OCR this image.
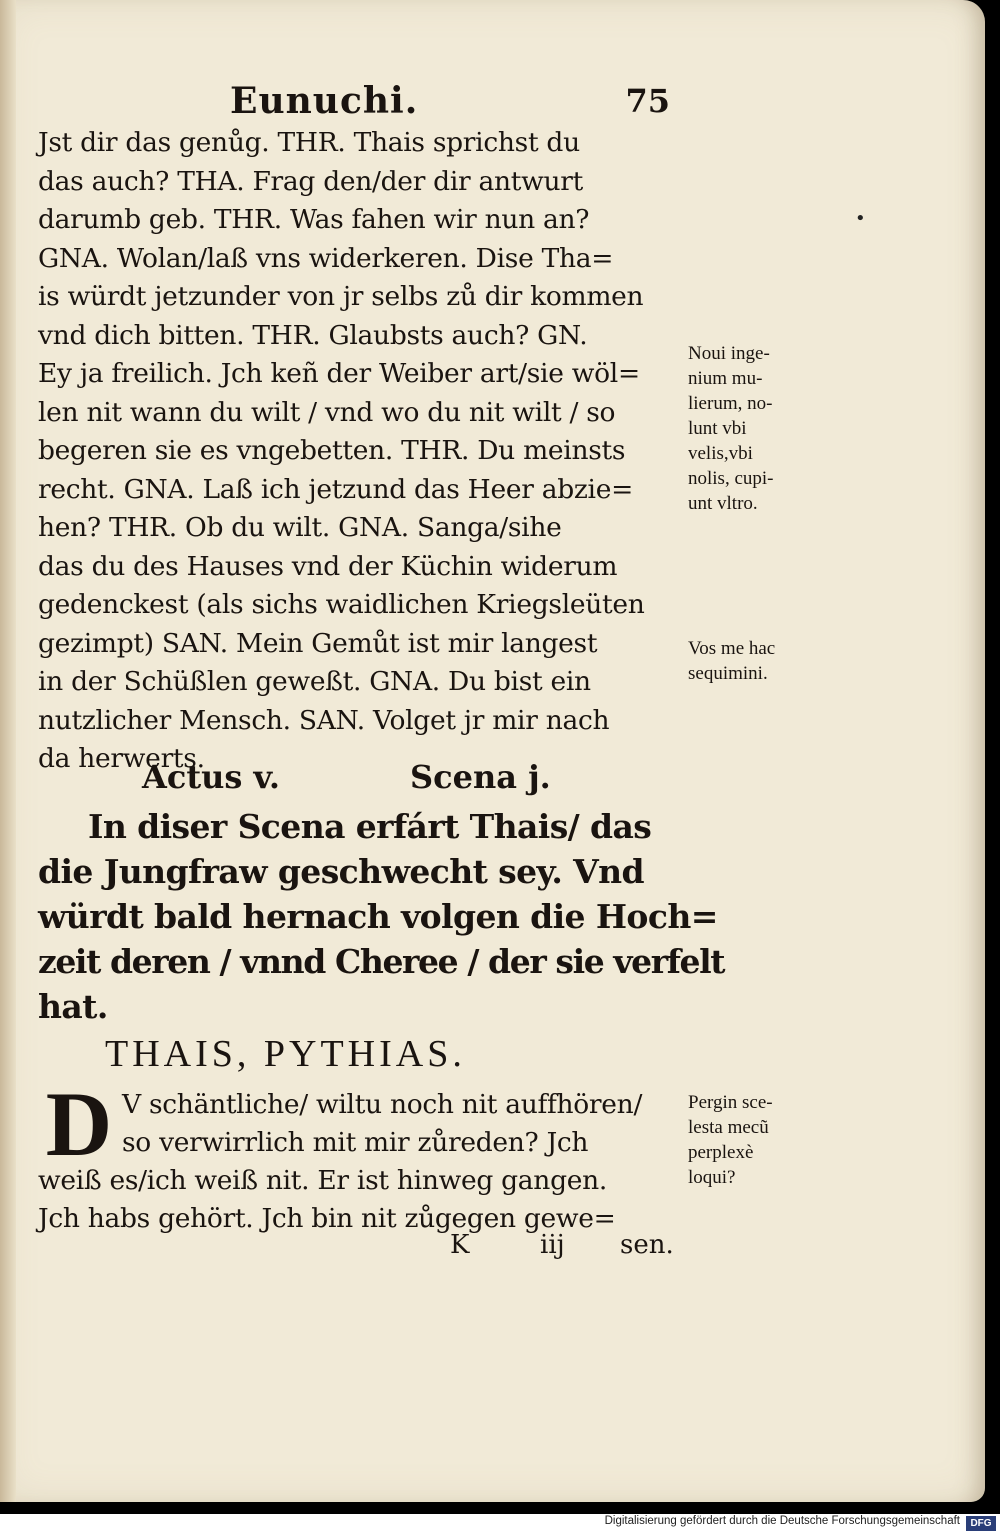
Eunuchi.	75
•
Jst dir das genůg. THR. Thais sprichst du
das auch? THA. Frag den/der dir antwurt
darumb geb. THR. Was fahen wir nun an?
GNA. Wolan/laß vns widerkeren. Dise Tha=
is würdt jetzunder von jr selbs zů dir kommen
vnd dich bitten. THR. Glaubsts auch? GN.
Ey ja freilich. Jch keñ der Weiber art/sie wöl=
len nit wann du wilt / vnd wo du nit wilt / so
begeren sie es vngebetten. THR. Du meinsts
recht. GNA. Laß ich jetzund das Heer abzie=
hen? THR. Ob du wilt. GNA. Sanga/sihe
das du des Hauses vnd der Küchin widerum
gedenckest (als sichs waidlichen Kriegsleüten
gezimpt) SAN. Mein Gemůt ist mir langest
in der Schüßlen geweßt. GNA. Du bist ein
nutzlicher Mensch. SAN. Volget jr mir nach
da herwerts.
Noui inge-
nium mu-
lierum, no-
lunt vbi
velis,vbi
nolis, cupi-
unt vltro.
Vos me hac
sequimini.
Actus v.	Scena j.
In diser Scena erfárt Thais/ das
die Jungfraw geschwecht sey. Vnd
würdt bald hernach volgen die Hoch=
zeit deren / vnnd Cheree / der sie verfelt
hat.
THAIS, PYTHIAS.
D V schäntliche/ wiltu noch nit auffhören/
so verwirrlich mit mir zůreden? Jch
weiß es/ich weiß nit. Er ist hinweg gangen.
Jch habs gehört. Jch bin nit zůgegen gewe=
Pergin sce-
lesta mecũ
perplexè
loqui?
K	iij sen.
Digitalisierung gefördert durch die Deutsche Forschungsgemeinschaft	DFG
